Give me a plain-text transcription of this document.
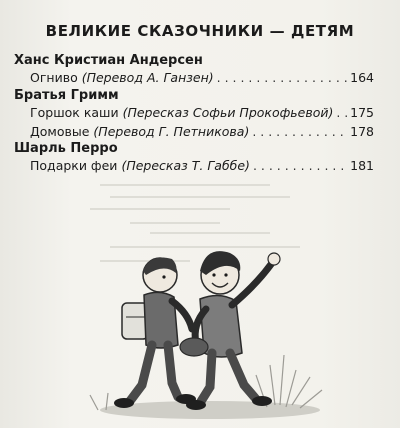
ВЕЛИКИЕ СКАЗОЧНИКИ — ДЕТЯМ
Ханс Кристиан Андерсен
Огниво (Перевод А. Ганзен) . . .	164
Братья Гримм
Горшок каши (Пересказ Софьи Прокофьевой) . . . 175
Домовые (Перевод Г. Петникова) . . .	178
Шарль Перро
Подарки феи (Пересказ Т. Габбе) . . .	181
